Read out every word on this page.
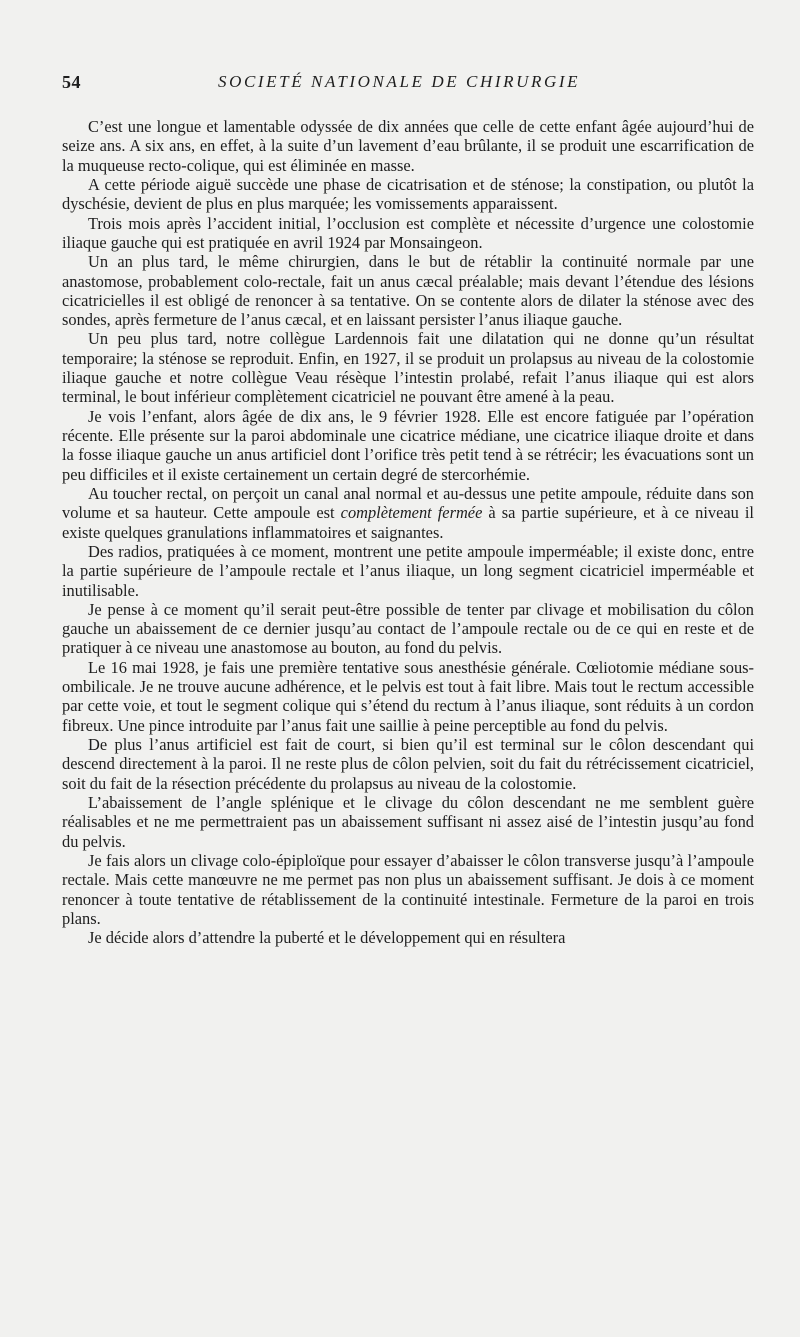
54	SOCIETÉ NATIONALE DE CHIRURGIE

C’est une longue et lamentable odyssée de dix années que celle de cette enfant âgée aujourd’hui de seize ans. A six ans, en effet, à la suite d’un lavement d’eau brûlante, il se produit une escarrification de la muqueuse recto-colique, qui est éliminée en masse.

A cette période aiguë succède une phase de cicatrisation et de sténose; la constipation, ou plutôt la dyschésie, devient de plus en plus marquée; les vomissements apparaissent.

Trois mois après l’accident initial, l’occlusion est complète et nécessite d’urgence une colostomie iliaque gauche qui est pratiquée en avril 1924 par Monsaingeon.

Un an plus tard, le même chirurgien, dans le but de rétablir la continuité normale par une anastomose, probablement colo-rectale, fait un anus cæcal préalable; mais devant l’étendue des lésions cicatricielles il est obligé de renoncer à sa tentative. On se contente alors de dilater la sténose avec des sondes, après fermeture de l’anus cæcal, et en laissant persister l’anus iliaque gauche.

Un peu plus tard, notre collègue Lardennois fait une dilatation qui ne donne qu’un résultat temporaire; la sténose se reproduit. Enfin, en 1927, il se produit un prolapsus au niveau de la colostomie iliaque gauche et notre collègue Veau résèque l’intestin prolabé, refait l’anus iliaque qui est alors terminal, le bout inférieur complètement cicatriciel ne pouvant être amené à la peau.

Je vois l’enfant, alors âgée de dix ans, le 9 février 1928. Elle est encore fatiguée par l’opération récente. Elle présente sur la paroi abdominale une cicatrice médiane, une cicatrice iliaque droite et dans la fosse iliaque gauche un anus artificiel dont l’orifice très petit tend à se rétrécir; les évacuations sont un peu difficiles et il existe certainement un certain degré de stercorhémie.

Au toucher rectal, on perçoit un canal anal normal et au-dessus une petite ampoule, réduite dans son volume et sa hauteur. Cette ampoule est complètement fermée à sa partie supérieure, et à ce niveau il existe quelques granulations inflammatoires et saignantes.

Des radios, pratiquées à ce moment, montrent une petite ampoule imperméable; il existe donc, entre la partie supérieure de l’ampoule rectale et l’anus iliaque, un long segment cicatriciel imperméable et inutilisable.

Je pense à ce moment qu’il serait peut-être possible de tenter par clivage et mobilisation du côlon gauche un abaissement de ce dernier jusqu’au contact de l’ampoule rectale ou de ce qui en reste et de pratiquer à ce niveau une anastomose au bouton, au fond du pelvis.

Le 16 mai 1928, je fais une première tentative sous anesthésie générale. Cœliotomie médiane sous-ombilicale. Je ne trouve aucune adhérence, et le pelvis est tout à fait libre. Mais tout le rectum accessible par cette voie, et tout le segment colique qui s’étend du rectum à l’anus iliaque, sont réduits à un cordon fibreux. Une pince introduite par l’anus fait une saillie à peine perceptible au fond du pelvis.

De plus l’anus artificiel est fait de court, si bien qu’il est terminal sur le côlon descendant qui descend directement à la paroi. Il ne reste plus de côlon pelvien, soit du fait du rétrécissement cicatriciel, soit du fait de la résection précédente du prolapsus au niveau de la colostomie.

L’abaissement de l’angle splénique et le clivage du côlon descendant ne me semblent guère réalisables et ne me permettraient pas un abaissement suffisant ni assez aisé de l’intestin jusqu’au fond du pelvis.

Je fais alors un clivage colo-épiploïque pour essayer d’abaisser le côlon transverse jusqu’à l’ampoule rectale. Mais cette manœuvre ne me permet pas non plus un abaissement suffisant. Je dois à ce moment renoncer à toute tentative de rétablissement de la continuité intestinale. Fermeture de la paroi en trois plans.

Je décide alors d’attendre la puberté et le développement qui en résultera
